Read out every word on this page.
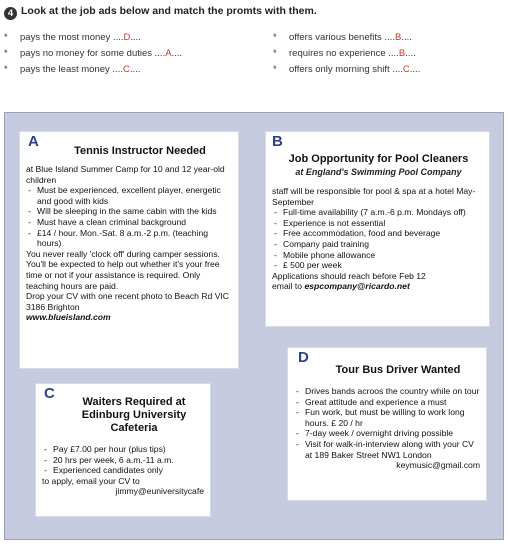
4 Look at the job ads below and match the promts with them.
* pays the most money ....D....
* pays no money for some duties ....A....
* pays the least money ....C....
* offers various benefits ....B....
* requires no experience ....B....
* offers only morning shift ....C....
A
Tennis Instructor Needed

at Blue Island Summer Camp for 10 and 12 year-old children

- Must be experienced, excellent player, energetic and good with kids
- Will be sleeping in the same cabin with the kids
- Must have a clean criminal background
- £14 / hour. Mon.-Sat. 8 a.m.-2 p.m. (teaching hours)

You never really 'clock off' during camper sessions. You'll be expected to help out whether it's your free time or not if your assistance is required. Only teaching hours are paid.

Drop your CV with one recent photo to Beach Rd VIC 3186 Brighton

www.blueisland.com

B
Job Opportunity for Pool Cleaners
at England's Swimming Pool Company

staff will be responsible for pool & spa at a hotel May-September

- Full-time availability (7 a.m.-6 p.m. Mondays off)
- Experience is not essential
- Free accommodation, food and beverage
- Company paid training
- Mobile phone allowance
- £ 500 per week

Applications should reach before Feb 12

email to espcompany@ricardo.net

C	Waiters Required at
Edinburg University
Cafeteria
- Pay £7.00 per hour (plus tips)
- 20 hrs per week, 6 a.m.-11 a.m.
- Experienced candidates only

to apply, email your CV to

jimmy@euniversitycafe

D
Tour Bus Driver Wanted
- Drives bands acroos the country while on tour
- Great attitude and experience a must
- Fun work, but must be willing to work long hours. £ 20 / hr
- 7-day week / overnight driving possible
- Visit for walk-in-interview along with your CV at 189 Baker Street NW1 London

keymusic@gmail.com
